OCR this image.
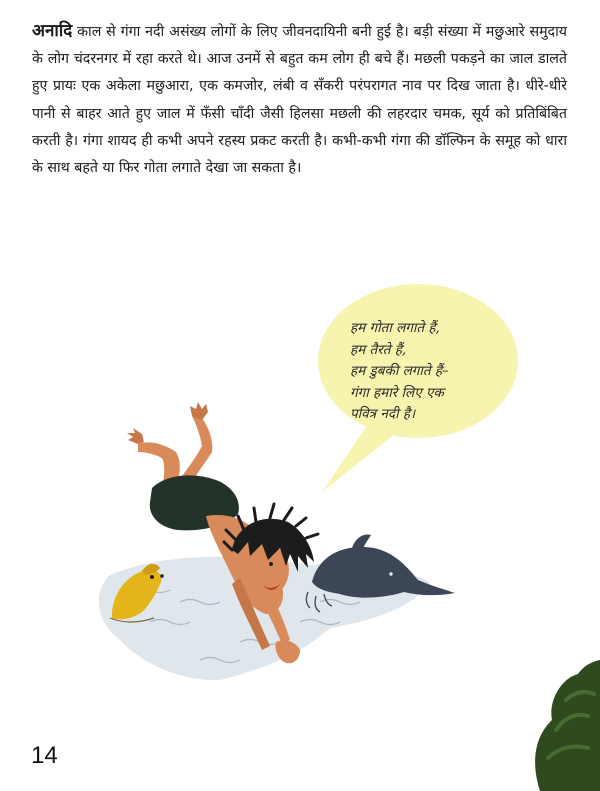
अनादि काल से गंगा नदी असंख्य लोगों के लिए जीवनदायिनी बनी हुई है। बड़ी संख्या में मछुआरे समुदाय के लोग चंदरनगर में रहा करते थे। आज उनमें से बहुत कम लोग ही बचे हैं। मछली पकड़ने का जाल डालते हुए प्रायः एक अकेला मछुआरा, एक कमजोर, लंबी व सँकरी परंपरागत नाव पर दिख जाता है। धीरे-धीरे पानी से बाहर आते हुए जाल में फँसी चाँदी जैसी हिलसा मछली की लहरदार चमक, सूर्य को प्रतिबिंबित करती है। गंगा शायद ही कभी अपने रहस्य प्रकट करती है। कभी-कभी गंगा की डॉल्फिन के समूह को धारा के साथ बहते या फिर गोता लगाते देखा जा सकता है।

हम गोता लगाते हैं,
हम तैरते हैं,
हम डुबकी लगाते हैं–
गंगा हमारे लिए एक
पवित्र नदी है।
14
